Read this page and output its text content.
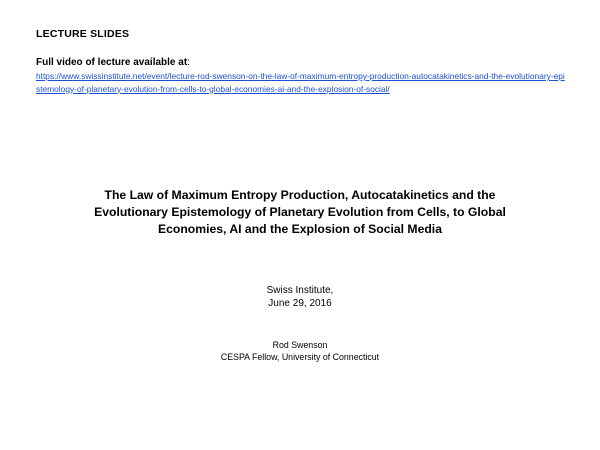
LECTURE SLIDES
Full video of lecture available at:
https://www.swissinstitute.net/event/lecture-rod-swenson-on-the-law-of-maximum-entropy-production-autocatakinetics-and-the-evolutionary-epistemology-of-planetary-evolution-from-cells-to-global-economies-ai-and-the-explosion-of-social/
The Law of Maximum Entropy Production, Autocatakinetics and the
Evolutionary Epistemology of Planetary Evolution from Cells, to Global
Economies, AI and the Explosion of Social Media
Swiss Institute,
June 29, 2016
Rod Swenson
CESPA Fellow, University of Connecticut
